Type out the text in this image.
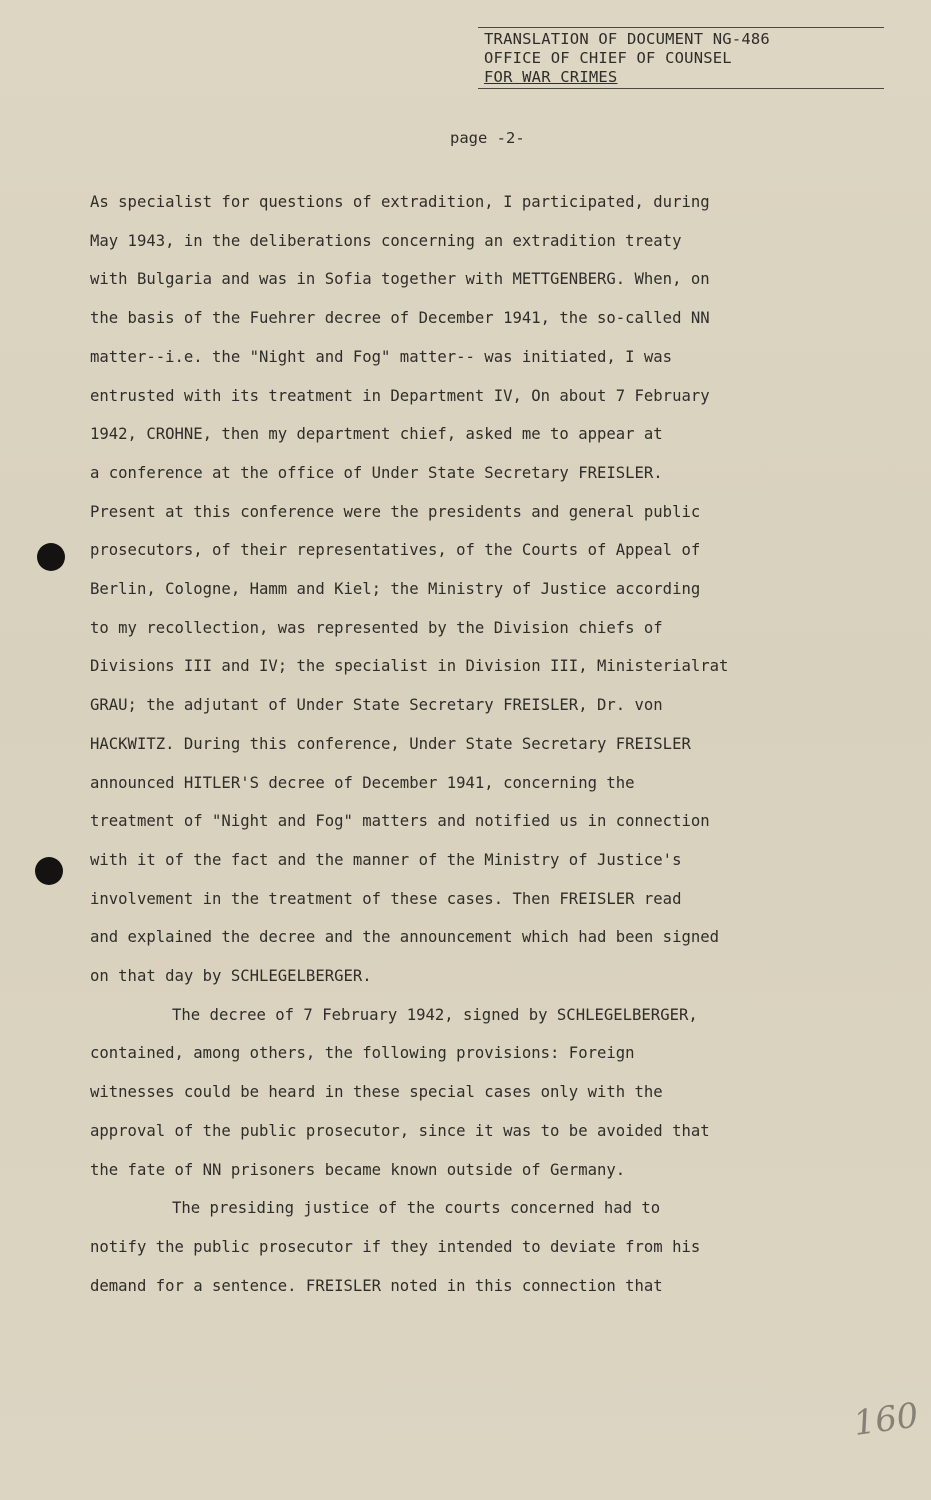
TRANSLATION OF DOCUMENT NG-486
OFFICE OF CHIEF OF COUNSEL
FOR WAR CRIMES
page -2-
As specialist for questions of extradition, I participated, during
May 1943, in the deliberations concerning an extradition treaty
with Bulgaria and was in Sofia together with METTGENBERG. When, on
the basis of the Fuehrer decree of December 1941, the so-called NN
matter--i.e. the "Night and Fog" matter-- was initiated, I was
entrusted with its treatment in Department IV, On about 7 February
1942, CROHNE, then my department chief, asked me to appear at
a conference at the office of Under State Secretary FREISLER.
Present at this conference were the presidents and general public
prosecutors, of their representatives, of the Courts of Appeal of
Berlin, Cologne, Hamm and Kiel; the Ministry of Justice according
to my recollection, was represented by the Division chiefs of
Divisions III and IV; the specialist in Division III, Ministerialrat
GRAU; the adjutant of Under State Secretary FREISLER, Dr. von
HACKWITZ. During this conference, Under State Secretary FREISLER
announced HITLER'S decree of December 1941, concerning the
treatment of "Night and Fog" matters and notified us in connection
with it of the fact and the manner of the Ministry of Justice's
involvement in the treatment of these cases. Then FREISLER read
and explained the decree and the announcement which had been signed
on that day by SCHLEGELBERGER.
The decree of 7 February 1942, signed by SCHLEGELBERGER,
contained, among others, the following provisions: Foreign
witnesses could be heard in these special cases only with the
approval of the public prosecutor, since it was to be avoided that
the fate of NN prisoners became known outside of Germany.
The presiding justice of the courts concerned had to
notify the public prosecutor if they intended to deviate from his
demand for a sentence. FREISLER noted in this connection that
160
